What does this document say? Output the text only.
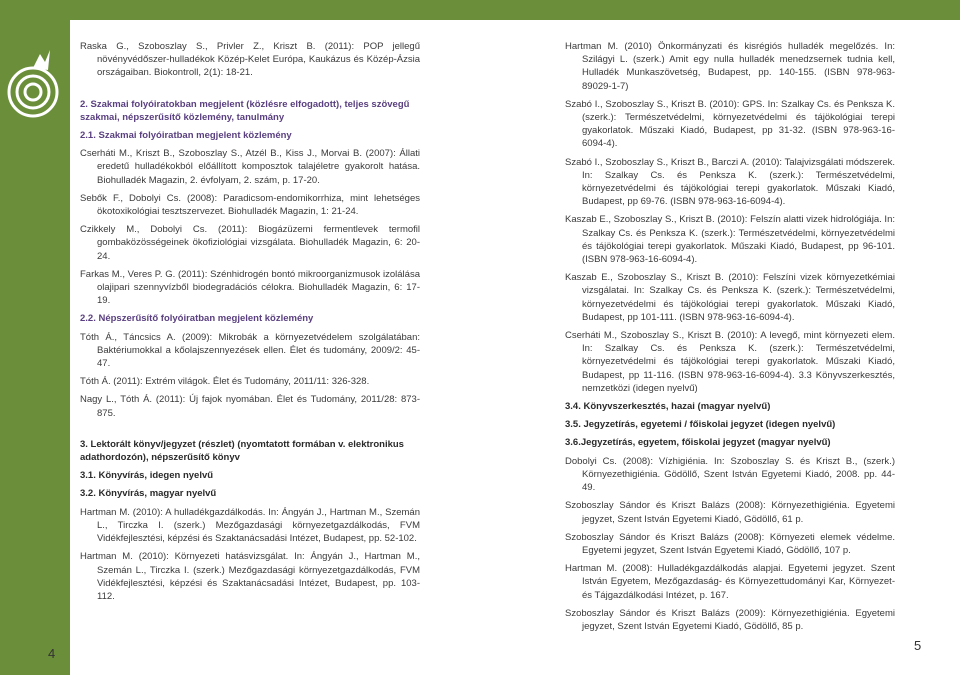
Raska G., Szoboszlay S., Privler Z., Kriszt B. (2011): POP jellegű növényvédőszer-hulladékok Közép-Kelet Európa, Kaukázus és Közép-Ázsia országaiban. Biokontroll, 2(1): 18-21.
2. Szakmai folyóiratokban megjelent (közlésre elfogadott), teljes szövegű szakmai, népszerűsítő közlemény, tanulmány
2.1. Szakmai folyóiratban megjelent közlemény
Cserháti M., Kriszt B., Szoboszlay S., Atzél B., Kiss J., Morvai B. (2007): Állati eredetű hulladékokból előállított komposztok talajéletre gyakorolt hatása. Biohulladék Magazin, 2. évfolyam, 2. szám, p. 17-20.
Sebők F., Dobolyi Cs. (2008): Paradicsom-endomikorrhiza, mint lehetséges ökotoxikológiai tesztszervezet. Biohulladék Magazin, 1: 21-24.
Czikkely M., Dobolyi Cs. (2011): Biogázüzemi fermentlevek termofil gombaközösségeinek ökofiziológiai vizsgálata. Biohulladék Magazin, 6: 20-24.
Farkas M., Veres P. G. (2011): Szénhidrogén bontó mikroorganizmusok izolálása olajipari szennyvízből biodegradációs célokra. Biohulladék Magazin, 6: 17-19.
2.2. Népszerűsítő folyóiratban megjelent közlemény
Tóth Á., Táncsics A. (2009): Mikrobák a környezetvédelem szolgálatában: Baktériumokkal a kőolajszennyezések ellen. Élet és tudomány, 2009/2: 45-47.
Tóth Á. (2011): Extrém világok. Élet és Tudomány, 2011/11: 326-328.
Nagy L., Tóth Á. (2011): Új fajok nyomában. Élet és Tudomány, 2011/28: 873-875.
3. Lektorált könyv/jegyzet (részlet) (nyomtatott formában v. elektronikus adathordozón), népszerűsítő könyv
3.1. Könyvírás, idegen nyelvű
3.2. Könyvírás, magyar nyelvű
Hartman M. (2010): A hulladékgazdálkodás. In: Ángyán J., Hartman M., Szemán L., Tirczka I. (szerk.) Mezőgazdasági környezetgazdálkodás, FVM Vidékfejlesztési, képzési és Szaktanácsadási Intézet, Budapest, pp. 52-102.
Hartman M. (2010): Környezeti hatásvizsgálat. In: Ángyán J., Hartman M., Szemán L., Tirczka I. (szerk.) Mezőgazdasági környezetgazdálkodás, FVM Vidékfejlesztési, képzési és Szaktanácsadási Intézet, Budapest, pp. 103-112.
Hartman M. (2010) Önkormányzati és kisrégiós hulladék megelőzés. In: Szilágyi L. (szerk.) Amit egy nulla hulladék menedzsernek tudnia kell, Hulladék Munkaszövetség, Budapest, pp. 140-155. (ISBN 978-963-89029-1-7)
Szabó I., Szoboszlay S., Kriszt B. (2010): GPS. In: Szalkay Cs. és Penksza K. (szerk.): Természetvédelmi, környezetvédelmi és tájökológiai terepi gyakorlatok. Műszaki Kiadó, Budapest, pp 31-32. (ISBN 978-963-16-6094-4).
Szabó I., Szoboszlay S., Kriszt B., Barczi A. (2010): Talajvizsgálati módszerek. In: Szalkay Cs. és Penksza K. (szerk.): Természetvédelmi, környezetvédelmi és tájökológiai terepi gyakorlatok. Műszaki Kiadó, Budapest, pp 69-76. (ISBN 978-963-16-6094-4).
Kaszab E., Szoboszlay S., Kriszt B. (2010): Felszín alatti vizek hidrológiája. In: Szalkay Cs. és Penksza K. (szerk.): Természetvédelmi, környezetvédelmi és tájökológiai terepi gyakorlatok. Műszaki Kiadó, Budapest, pp 96-101. (ISBN 978-963-16-6094-4).
Kaszab E., Szoboszlay S., Kriszt B. (2010): Felszíni vizek környezetkémiai vizsgálatai. In: Szalkay Cs. és Penksza K. (szerk.): Természetvédelmi, környezetvédelmi és tájökológiai terepi gyakorlatok. Műszaki Kiadó, Budapest, pp 101-111. (ISBN 978-963-16-6094-4).
Cserháti M., Szoboszlay S., Kriszt B. (2010): A levegő, mint környezeti elem. In: Szalkay Cs. és Penksza K. (szerk.): Természetvédelmi, környezetvédelmi és tájökológiai terepi gyakorlatok. Műszaki Kiadó, Budapest, pp 11-116. (ISBN 978-963-16-6094-4). 3.3 Könyvszerkesztés, nemzetközi (idegen nyelvű)
3.4. Könyvszerkesztés, hazai (magyar nyelvű)
3.5. Jegyzetírás, egyetemi / főiskolai jegyzet (idegen nyelvű)
3.6.Jegyzetírás, egyetem, főiskolai jegyzet (magyar nyelvű)
Dobolyi Cs. (2008): Vízhigiénia. In: Szoboszlay S. és Kriszt B., (szerk.) Környezethigiénia. Gödöllő, Szent István Egyetemi Kiadó, 2008. pp. 44-49.
Szoboszlay Sándor és Kriszt Balázs (2008): Környezethigiénia. Egyetemi jegyzet, Szent István Egyetemi Kiadó, Gödöllő, 61 p.
Szoboszlay Sándor és Kriszt Balázs (2008): Környezeti elemek védelme. Egyetemi jegyzet, Szent István Egyetemi Kiadó, Gödöllő, 107 p.
Hartman M. (2008): Hulladékgazdálkodás alapjai. Egyetemi jegyzet. Szent István Egyetem, Mezőgazdaság- és Környezettudományi Kar, Környezet- és Tájgazdálkodási Intézet, p. 167.
Szoboszlay Sándor és Kriszt Balázs (2009): Környezethigiénia. Egyetemi jegyzet, Szent István Egyetemi Kiadó, Gödöllő, 85 p.
4
5
